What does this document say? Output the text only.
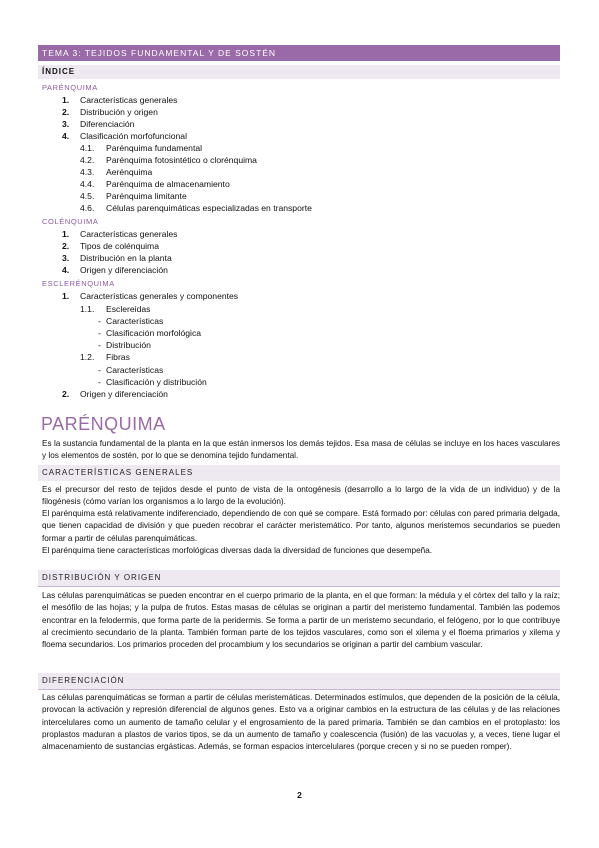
TEMA 3: TEJIDOS FUNDAMENTAL Y DE SOSTÉN
ÍNDICE
PARÉNQUIMA
1. Características generales
2. Distribución y origen
3. Diferenciación
4. Clasificación morfofuncional
4.1. Parénquima fundamental
4.2. Parénquima fotosintético o clorénquima
4.3. Aerénquima
4.4. Parénquima de almacenamiento
4.5. Parénquima limitante
4.6. Células parenquimáticas especializadas en transporte
COLÉNQUIMA
1. Características generales
2. Tipos de colénquima
3. Distribución en la planta
4. Origen y diferenciación
ESCLERÉNQUIMA
1. Características generales y componentes
1.1. Esclereidas
- Características
- Clasificación morfológica
- Distribución
1.2. Fibras
- Características
- Clasificación y distribución
2. Origen y diferenciación
PARÉNQUIMA
Es la sustancia fundamental de la planta en la que están inmersos los demás tejidos. Esa masa de células se incluye en los haces vasculares y los elementos de sostén, por lo que se denomina tejido fundamental.
CARACTERÍSTICAS GENERALES
Es el precursor del resto de tejidos desde el punto de vista de la ontogénesis (desarrollo a lo largo de la vida de un individuo) y de la filogénesis (cómo varían los organismos a lo largo de la evolución).
El parénquima está relativamente indiferenciado, dependiendo de con qué se compare. Está formado por: células con pared primaria delgada, que tienen capacidad de división y que pueden recobrar el carácter meristemático. Por tanto, algunos meristemos secundarios se pueden formar a partir de células parenquimáticas.
El parénquima tiene características morfológicas diversas dada la diversidad de funciones que desempeña.
DISTRIBUCIÓN Y ORIGEN
Las células parenquimáticas se pueden encontrar en el cuerpo primario de la planta, en el que forman: la médula y el córtex del tallo y la raíz; el mesófilo de las hojas; y la pulpa de frutos. Estas masas de células se originan a partir del meristemo fundamental. También las podemos encontrar en la felodermis, que forma parte de la peridermis. Se forma a partir de un meristemo secundario, el felógeno, por lo que contribuye al crecimiento secundario de la planta. También forman parte de los tejidos vasculares, como son el xilema y el floema primarios y xilema y floema secundarios. Los primarios proceden del procambium y los secundarios se originan a partir del cambium vascular.
DIFERENCIACIÓN
Las células parenquimáticas se forman a partir de células meristemáticas. Determinados estímulos, que dependen de la posición de la célula, provocan la activación y represión diferencial de algunos genes. Esto va a originar cambios en la estructura de las células y de las relaciones intercelulares como un aumento de tamaño celular y el engrosamiento de la pared primaria. También se dan cambios en el protoplasto: los proplastos maduran a plastos de varios tipos, se da un aumento de tamaño y coalescencia (fusión) de las vacuolas y, a veces, tiene lugar el almacenamiento de sustancias ergásticas. Además, se forman espacios intercelulares (porque crecen y si no se pueden romper).
2
